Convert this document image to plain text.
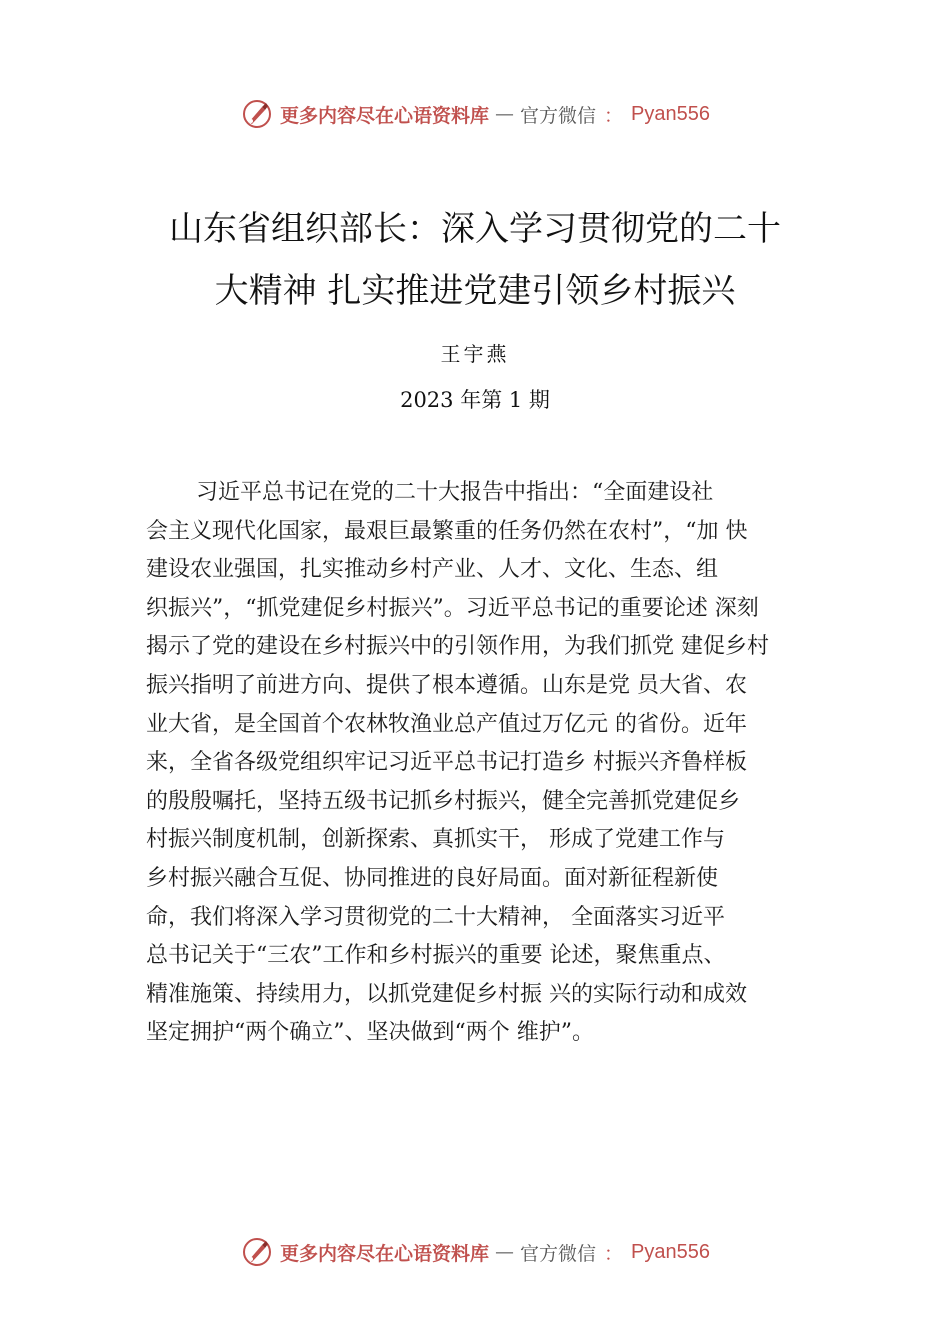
更多内容尽在心语资料库 — 官方微信 ： Pyan556
山东省组织部长：深入学习贯彻党的二十
大精神 扎实推进党建引领乡村振兴
王宇燕
2023 年第 1 期
习近平总书记在党的二十大报告中指出：“全面建设社
会主义现代化国家，最艰巨最繁重的任务仍然在农村”，“加 快
建设农业强国，扎实推动乡村产业、人才、文化、生态、组
织振兴”，“抓党建促乡村振兴”。习近平总书记的重要论述 深刻
揭示了党的建设在乡村振兴中的引领作用，为我们抓党 建促乡村
振兴指明了前进方向、提供了根本遵循。山东是党 员大省、农
业大省，是全国首个农林牧渔业总产值过万亿元 的省份。近年
来，全省各级党组织牢记习近平总书记打造乡 村振兴齐鲁样板
的殷殷嘱托，坚持五级书记抓乡村振兴，健全完善抓党建促乡
村振兴制度机制，创新探索、真抓实干， 形成了党建工作与
乡村振兴融合互促、协同推进的良好局面。面对新征程新使
命，我们将深入学习贯彻党的二十大精神， 全面落实习近平
总书记关于“三农”工作和乡村振兴的重要 论述，聚焦重点、
精准施策、持续用力，以抓党建促乡村振 兴的实际行动和成效
坚定拥护“两个确立”、坚决做到“两个 维护”。
更多内容尽在心语资料库 — 官方微信 ： Pyan556
